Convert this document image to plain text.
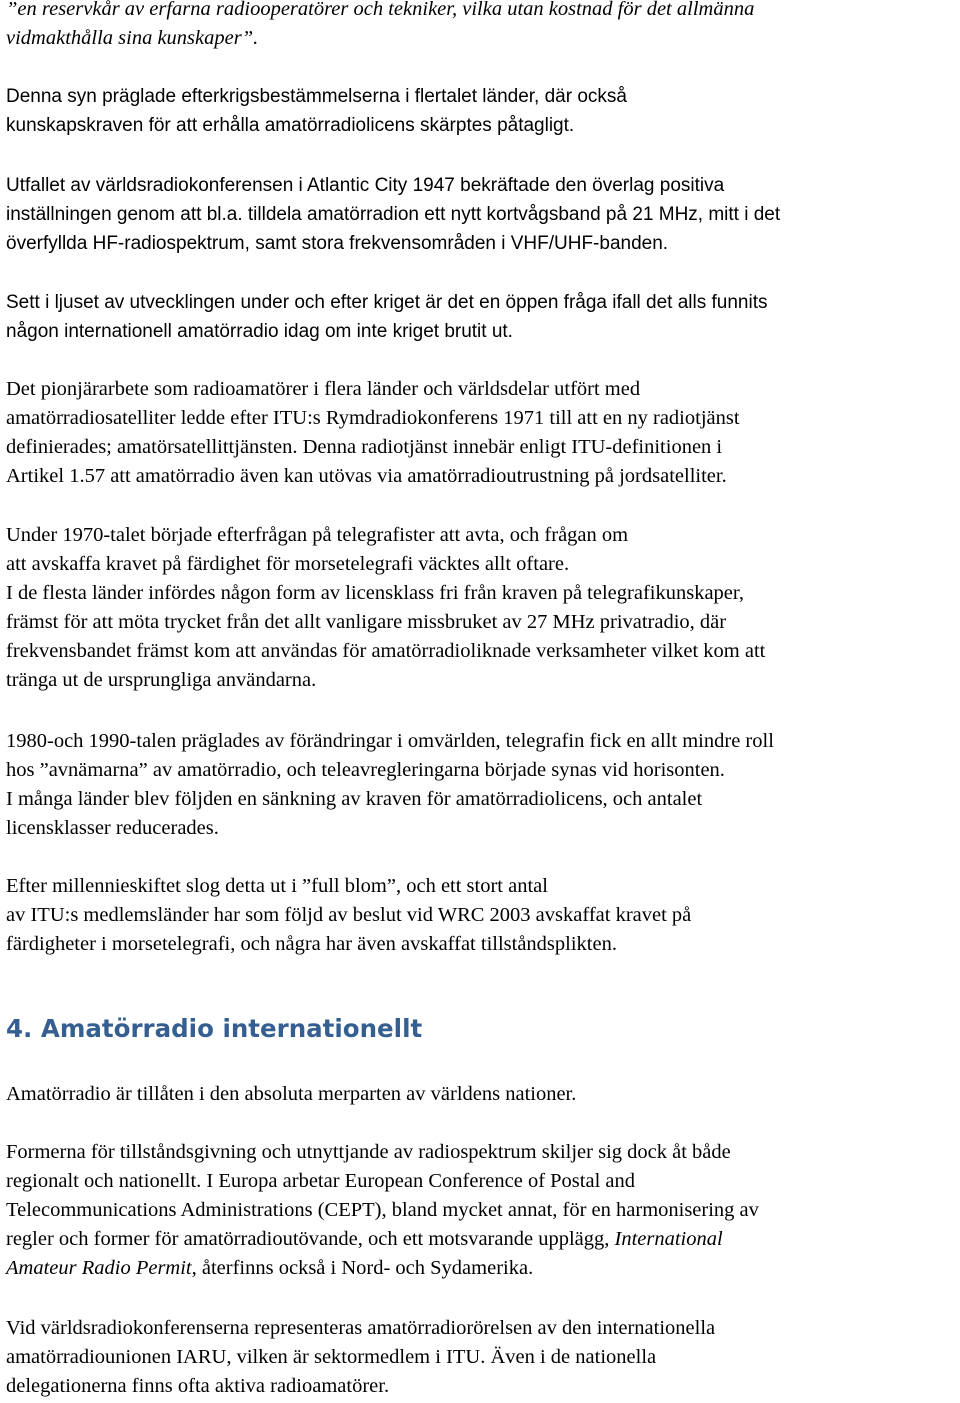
”en reservkår av erfarna radiooperatörer och tekniker, vilka utan kostnad för det allmänna
vidmakthålla sina kunskaper”.

Denna syn präglade efterkrigsbestämmelserna i flertalet länder, där också
kunskapskraven för att erhålla amatörradiolicens skärptes påtagligt.

Utfallet av världsradiokonferensen i Atlantic City 1947 bekräftade den överlag positiva
inställningen genom att bl.a. tilldela amatörradion ett nytt kortvågsband på 21 MHz, mitt i det
överfyllda HF-radiospektrum, samt stora frekvensområden i VHF/UHF-banden.

Sett i ljuset av utvecklingen under och efter kriget är det en öppen fråga ifall det alls funnits
någon internationell amatörradio idag om inte kriget brutit ut.

Det pionjärarbete som radioamatörer i flera länder och världsdelar utfört med
amatörradiosatelliter ledde efter ITU:s Rymdradiokonferens 1971 till att en ny radiotjänst
definierades; amatörsatellittjänsten. Denna radiotjänst innebär enligt ITU-definitionen i
Artikel 1.57 att amatörradio även kan utövas via amatörradioutrustning på jordsatelliter.

Under 1970-talet började efterfrågan på telegrafister att avta, och frågan om
att avskaffa kravet på färdighet för morsetelegrafi väcktes allt oftare.
I de flesta länder infördes någon form av licensklass fri från kraven på telegrafikunskaper,
främst för att möta trycket från det allt vanligare missbruket av 27 MHz privatradio, där
frekvensbandet främst kom att användas för amatörradioliknade verksamheter vilket kom att
tränga ut de ursprungliga användarna.

1980-och 1990-talen präglades av förändringar i omvärlden, telegrafin fick en allt mindre roll
hos ”avnämarna” av amatörradio, och teleavregleringarna började synas vid horisonten.
I många länder blev följden en sänkning av kraven för amatörradiolicens, och antalet
licensklasser reducerades.

Efter millennieskiftet slog detta ut i ”full blom”, och ett stort antal
av ITU:s medlemsländer har som följd av beslut vid WRC 2003 avskaffat kravet på
färdigheter i morsetelegrafi, och några har även avskaffat tillståndsplikten.

4. Amatörradio internationellt

Amatörradio är tillåten i den absoluta merparten av världens nationer.

Formerna för tillståndsgivning och utnyttjande av radiospektrum skiljer sig dock åt både
regionalt och nationellt. I Europa arbetar European Conference of Postal and
Telecommunications Administrations (CEPT), bland mycket annat, för en harmonisering av
regler och former för amatörradioutövande, och ett motsvarande upplägg, International
Amateur Radio Permit, återfinns också i Nord- och Sydamerika.

Vid världsradiokonferenserna representeras amatörradiorörelsen av den internationella
amatörradiounionen IARU, vilken är sektormedlem i ITU. Även i de nationella
delegationerna finns ofta aktiva radioamatörer.
